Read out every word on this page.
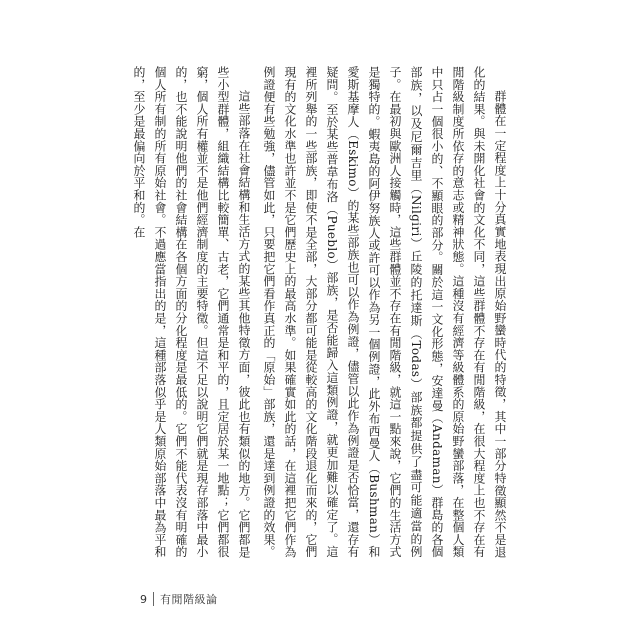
群體在一定程度上十分真實地表現出原始野蠻時代的特徵，其中一部分特徵顯然不是退化的結果。與未開化社會的文化不同，這些群體不存在有閒階級，在很大程度上也不存在有閒階級制度所依存的意志或精神狀態。這種沒有經濟等級體系的原始野蠻部落，在整個人類中只占一個很小的、不顯眼的部分。關於這一文化形態，安達曼（Andaman）群島的各個部族，以及尼爾吉里（Nilgiri）丘陵的托達斯（Todas）部族都提供了盡可能適當的例子。在最初與歐洲人接觸時，這些群體並不存在有閒階級，就這一點來說，它們的生活方式是獨特的。蝦夷島的阿伊努族人或許可以作為另一個例證，此外布西曼人（Bushman）和愛斯基摩人（Eskimo）的某些部族也可以作為例證，儘管以此作為例證是否恰當，還存有疑問。至於某些普韋布洛（Pueblo）部族，是否能歸入這類例證，就更加難以確定了。這裡所列舉的一些部族，即使不是全部，大部分都可能是從較高的文化階段退化而來的，它們現有的文化水準也許並不是它們歷史上的最高水準。如果確實如此的話，在這裡把它們作為例證便有些勉強，儘管如此，只要把它們看作真正的「原始」部族，還是達到例證的效果。

這些部落在社會結構和生活方式的某些其他特徵方面，彼此也有類似的地方。它們都是些小型群體，組織結構比較簡單、古老，它們通常是和平的，且定居於某一地點；它們都很窮，個人所有權並不是他們經濟制度的主要特徵。但這不足以說明它們就是現存部落中最小的，也不能說明他們的社會結構在各個方面的分化程度是最低的。它們不能代表沒有明確的個人所有制的所有原始社會。不過應當指出的是，這種部落似乎是人類原始部落中最為平和的，至少是最偏向於平和的。在

9	有閒階級論
